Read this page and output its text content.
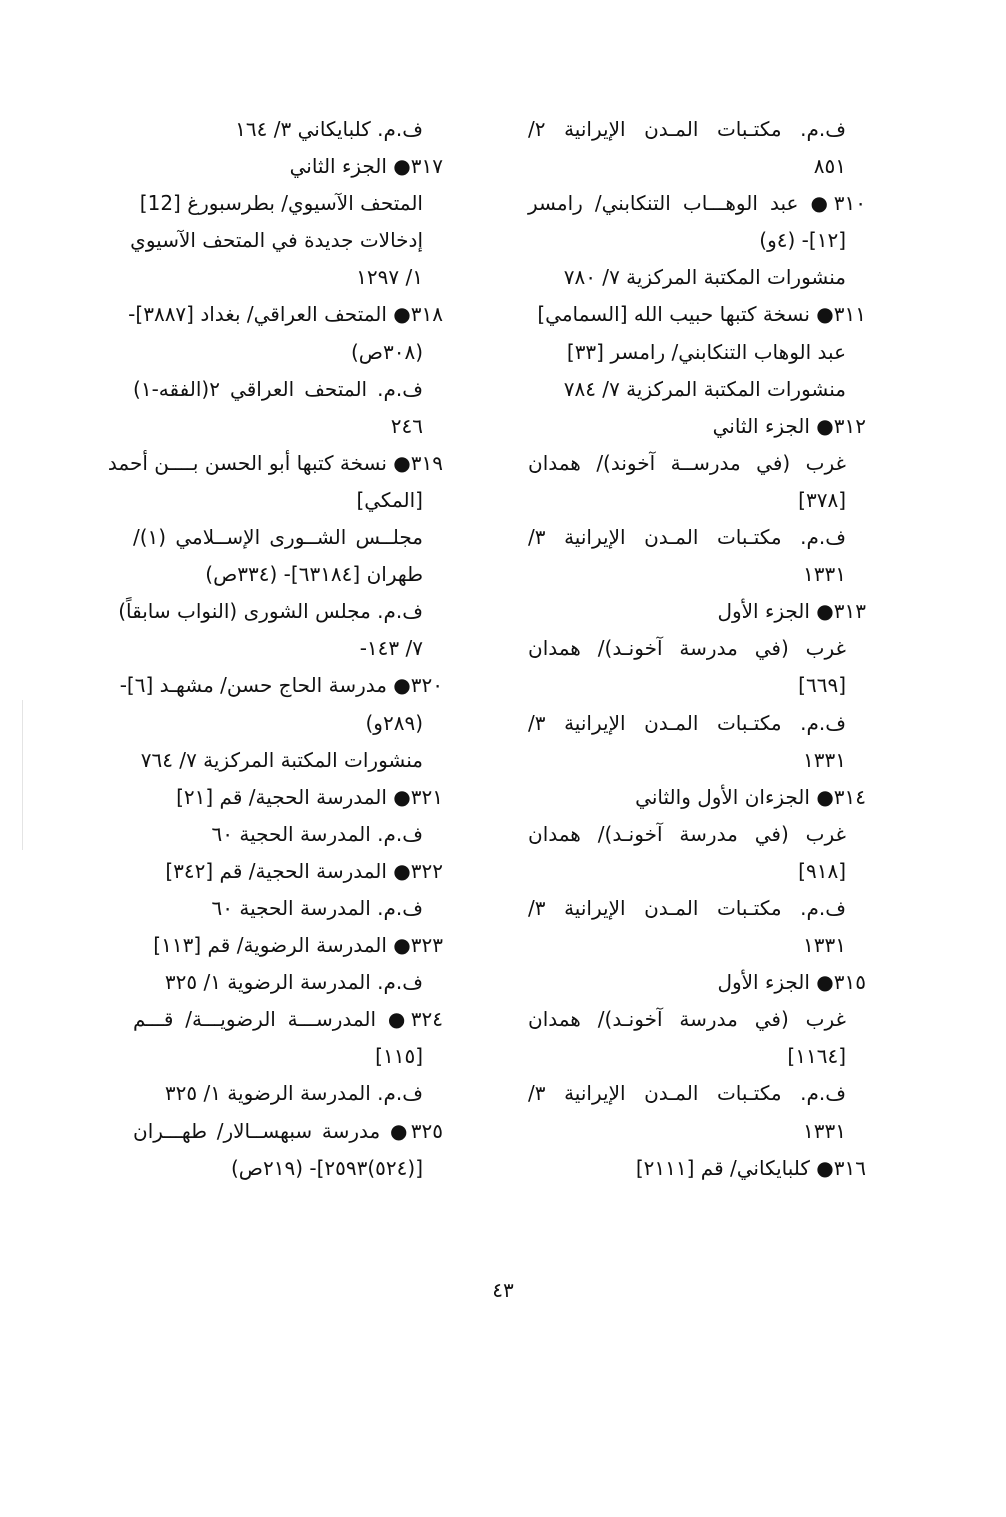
ف.م. مكتـبات المـدن الإيرانية ٢/
٨٥١
٣١٠● عبد الوهـــاب التنكابني/ رامسر
[١٢]- (٤و)
منشورات المكتبة المركزية ٧/ ٧٨٠
٣١١● نسخة كتبها حبيب الله [السمامي]
عبد الوهاب التنكابني/ رامسر [٣٣]
منشورات المكتبة المركزية ٧/ ٧٨٤
٣١٢● الجزء الثاني
غرب (في مدرســة آخوند)/ همدان
[٣٧٨]
ف.م. مكتـبات المـدن الإيرانية ٣/
١٣٣١
٣١٣● الجزء الأول
غرب (في مدرسة آخونـد)/ همدان
[٦٦٩]
ف.م. مكتـبات المـدن الإيرانية ٣/
١٣٣١
٣١٤● الجزءان الأول والثاني
غرب (في مدرسة آخونـد)/ همدان
[٩١٨]
ف.م. مكتـبات المـدن الإيرانية ٣/
١٣٣١
٣١٥● الجزء الأول
غرب (في مدرسة آخونـد)/ همدان
[١١٦٤]
ف.م. مكتـبات المـدن الإيرانية ٣/
١٣٣١
٣١٦● كلبايكاني/ قم [٢١١١]
ف.م. كلبايكاني ٣/ ١٦٤
٣١٧● الجزء الثاني
المتحف الآسيوي/ بطرسبورغ [12]
إدخالات جديدة في المتحف الآسيوي
١/ ١٢٩٧
٣١٨● المتحف العراقي/ بغداد [٣٨٨٧]-
(٣٠٨ص)
ف.م. المتحف العراقي ٢(الفقه-١)
٢٤٦
٣١٩● نسخة كتبها أبو الحسن بــــن أحمد
[المكي]
مجلــس الشــورى الإســلامي (١)/
طهران [٦٣١٨٤]- (٣٣٤ص)
ف.م. مجلس الشورى (النواب سابقاً)
٧/ ١٤٣-
٣٢٠● مدرسة الحاج حسن/ مشهـد [٦]-
(٢٨٩و)
منشورات المكتبة المركزية ٧/ ٧٦٤
٣٢١● المدرسة الحجية/ قم [٢١]
ف.م. المدرسة الحجية ٦٠
٣٢٢● المدرسة الحجية/ قم [٣٤٢]
ف.م. المدرسة الحجية ٦٠
٣٢٣● المدرسة الرضوية/ قم [١١٣]
ف.م. المدرسة الرضوية ١/ ٣٢٥
٣٢٤● المدرســـة الرضويـــة/ قـــم
[١١٥]
ف.م. المدرسة الرضوية ١/ ٣٢٥
٣٢٥● مدرسة سبهســالار/ طهـــران
[(٥٢٤)٢٥٩٣]- (٢١٩ص)
٤٣
